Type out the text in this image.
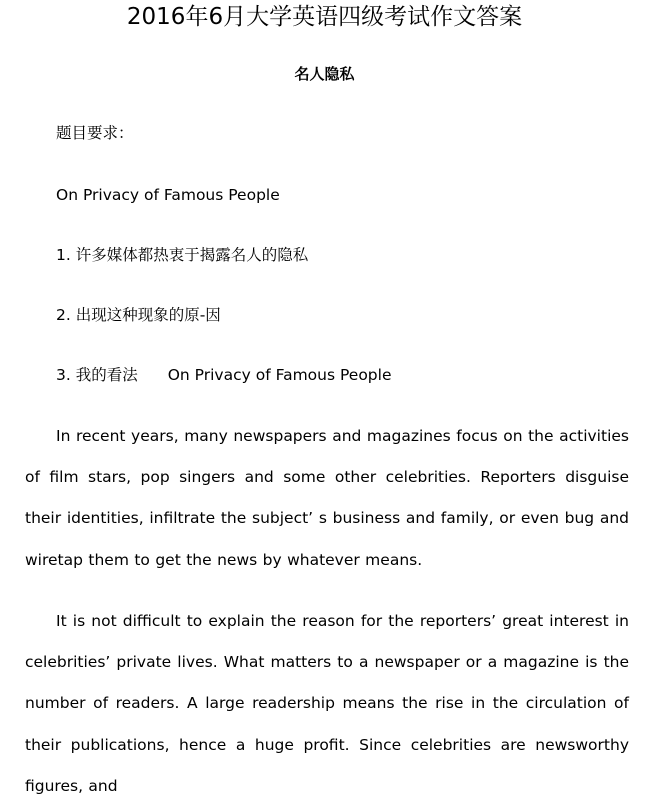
2016年6月大学英语四级考试作文答案
名人隐私
题目要求：
On Privacy of Famous People
1. 许多媒体都热衷于揭露名人的隐私
2. 出现这种现象的原-因
3. 我的看法 On Privacy of Famous People

In recent years, many newspapers and magazines focus on the activities of film stars, pop singers and some other celebrities. Reporters disguise their identities, infiltrate the subject’ s business and family, or even bug and wiretap them to get the news by whatever means.

It is not difficult to explain the reason for the reporters’ great interest in celebrities’ private lives. What matters to a newspaper or a magazine is the number of readers. A large readership means the rise in the circulation of their publications, hence a huge profit. Since celebrities are newsworthy figures, and
